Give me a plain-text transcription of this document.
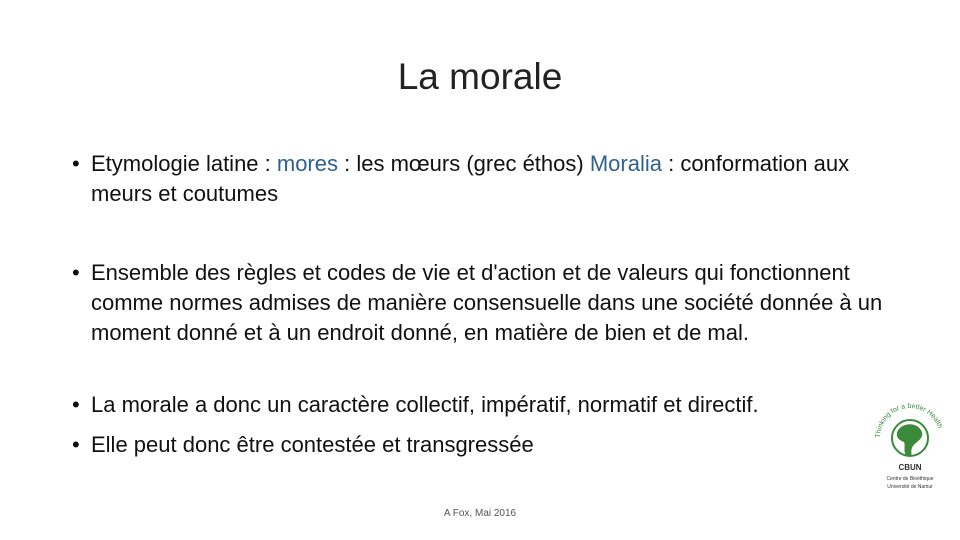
La morale
• Etymologie latine : mores : les mœurs (grec éthos) Moralia : conformation aux meurs et coutumes
• Ensemble des règles et codes de vie et d'action et de valeurs qui fonctionnent comme normes admises de manière consensuelle dans une société donnée à un moment donné et à un endroit donné, en matière de bien et de mal.
• La morale a donc un caractère collectif, impératif, normatif et directif.
• Elle peut donc être contestée et transgressée	Thinking for a better Health
CBUN
Centre de Bioéthique
Université de Namur
A Fox, Mai 2016
